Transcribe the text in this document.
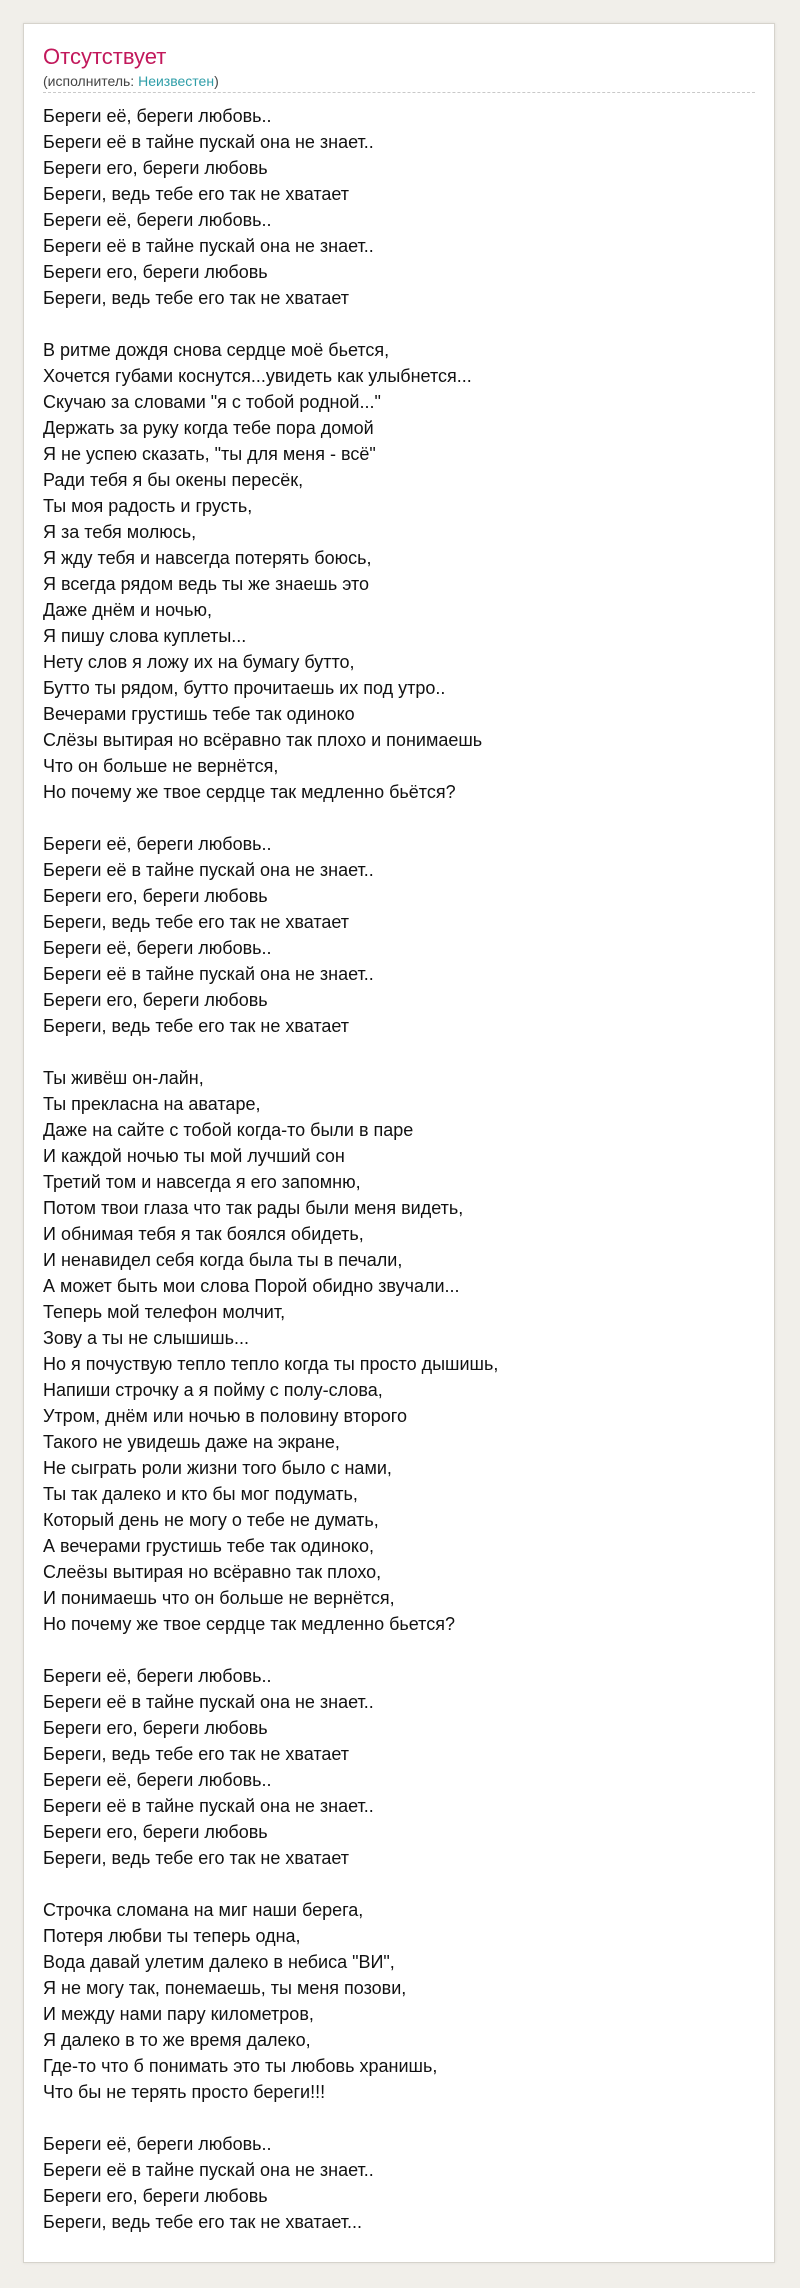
Отсутствует
(исполнитель: Неизвестен)
Береги её, береги любовь..
Береги её в тайне пускай она не знает..
Береги его, береги любовь
Береги, ведь тебе его так не хватает
Береги её, береги любовь..
Береги её в тайне пускай она не знает..
Береги его, береги любовь
Береги, ведь тебе его так не хватает
В ритме дождя снова сердце моё бьется,
Хочется губами коснутся...увидеть как улыбнется...
Скучаю за словами "я с тобой родной..."
Держать за руку когда тебе пора домой
Я не успею сказать, "ты для меня - всё"
Ради тебя я бы окены пересёк,
Ты моя радость и грусть,
Я за тебя молюсь,
Я жду тебя и навсегда потерять боюсь,
Я всегда рядом ведь ты же знаешь это
Даже днём и ночью,
Я пишу слова куплеты...
Нету слов я ложу их на бумагу бутто,
Бутто ты рядом, бутто прочитаешь их под утро..
Вечерами грустишь тебе так одиноко
Слёзы вытирая но всёравно так плохо и понимаешь
Что он больше не вернётся,
Но почему же твое сердце так медленно бьётся?
Береги её, береги любовь..
Береги её в тайне пускай она не знает..
Береги его, береги любовь
Береги, ведь тебе его так не хватает
Береги её, береги любовь..
Береги её в тайне пускай она не знает..
Береги его, береги любовь
Береги, ведь тебе его так не хватает
Ты живёш он-лайн,
Ты прекласна на аватаре,
Даже на сайте с тобой когда-то были в паре
И каждой ночью ты мой лучший сон
Третий том и навсегда я его запомню,
Потом твои глаза что так рады были меня видеть,
И обнимая тебя я так боялся обидеть,
И ненавидел себя когда была ты в печали,
А может быть мои слова Порой обидно звучали...
Теперь мой телефон молчит,
Зову а ты не слышишь...
Но я почуствую тепло тепло когда ты просто дышишь,
Напиши строчку а я пойму с полу-слова,
Утром, днём или ночью в половину второго
Такого не увидешь даже на экране,
Не сыграть роли жизни того было с нами,
Ты так далеко и кто бы мог подумать,
Который день не могу о тебе не думать,
А вечерами грустишь тебе так одиноко,
Слеёзы вытирая но всёравно так плохо,
И понимаешь что он больше не вернётся,
Но почему же твое сердце так медленно бьется?
Береги её, береги любовь..
Береги её в тайне пускай она не знает..
Береги его, береги любовь
Береги, ведь тебе его так не хватает
Береги её, береги любовь..
Береги её в тайне пускай она не знает..
Береги его, береги любовь
Береги, ведь тебе его так не хватает
Строчка сломана на миг наши берега,
Потеря любви ты теперь одна,
Вода давай улетим далеко в небиса "ВИ",
Я не могу так, понемаешь, ты меня позови,
И между нами пару километров,
Я далеко в то же время далеко,
Где-то что б понимать это ты любовь хранишь,
Что бы не терять просто береги!!!
Береги её, береги любовь..
Береги её в тайне пускай она не знает..
Береги его, береги любовь
Береги, ведь тебе его так не хватает...
